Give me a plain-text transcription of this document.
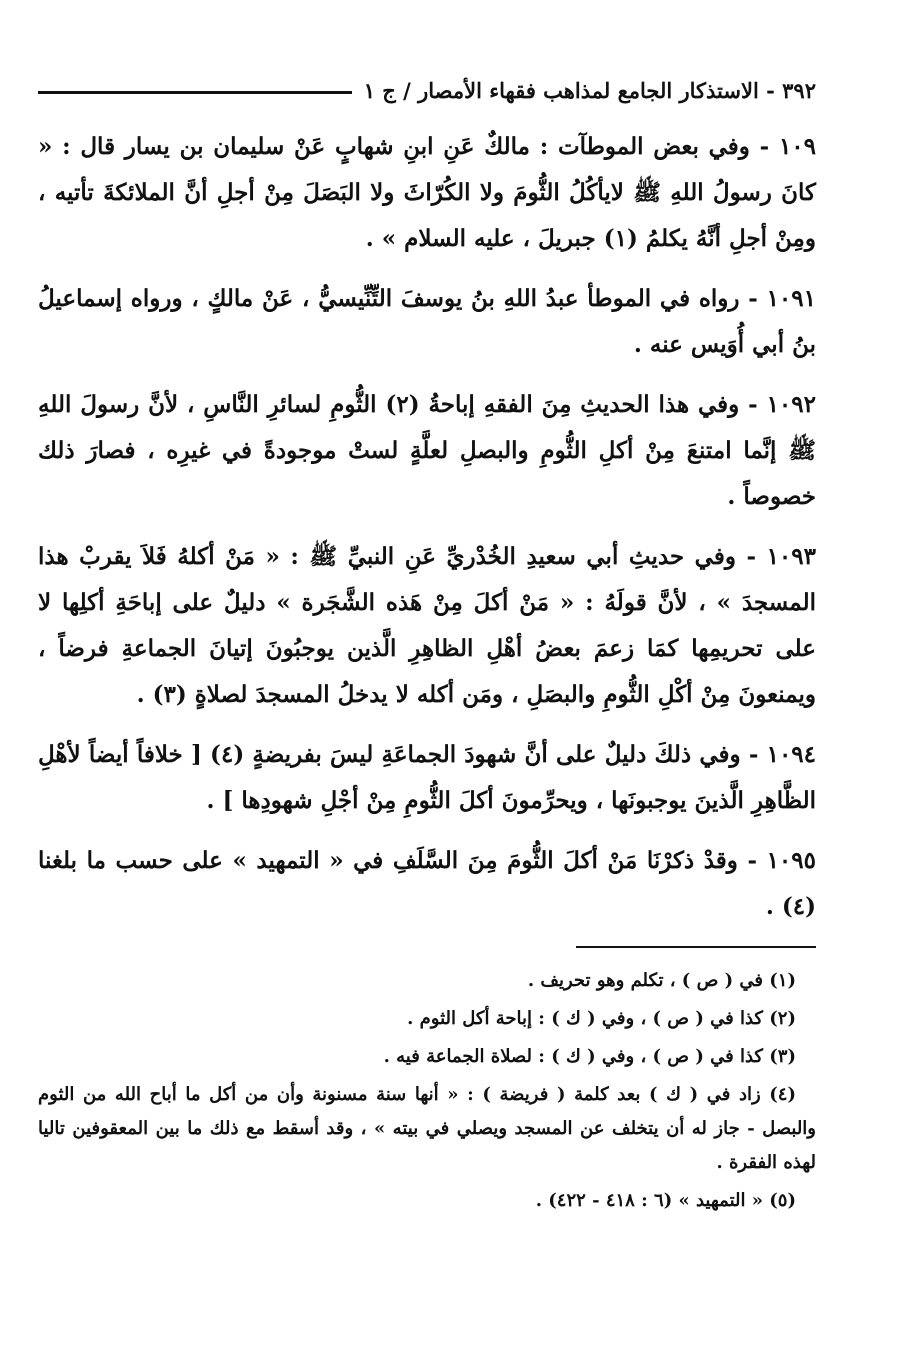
٣٩٢ - الاستذكار الجامع لمذاهب فقهاء الأمصار / ج ١

١٠٩ - وفي بعض الموطآت : مالكٌ عَنِ ابنِ شهابٍ عَنْ سليمان بن يسار قال : « كانَ رسولُ اللهِ ﷺ لايأكُلُ الثُّومَ ولا الكُرّاثَ ولا البَصَلَ مِنْ أجلِ أنَّ الملائكةَ تأتيه ، ومِنْ أجلِ أنَّهُ يكلمُ (١) جبريلَ ، عليه السلام » .

١٠٩١ - رواه في الموطأ عبدُ اللهِ بنُ يوسفَ التِّنِّيسيُّ ، عَنْ مالكٍ ، ورواه إسماعيلُ بنُ أبي أُوَيس عنه .

١٠٩٢ - وفي هذا الحديثِ مِنَ الفقهِ إباحةُ (٢) الثُّومِ لسائرِ النَّاسِ ، لأنَّ رسولَ اللهِ ﷺ إنَّما امتنعَ مِنْ أكلِ الثُّومِ والبصلِ لعلَّةٍ لستْ موجودةً في غيرِه ، فصارَ ذلك خصوصاً .

١٠٩٣ - وفي حديثِ أبي سعيدِ الخُدْريِّ عَنِ النبيِّ ﷺ : « مَنْ أكلهُ فَلاَ يقربْ هذا المسجدَ » ، لأنَّ قولَهُ : « مَنْ أكلَ مِنْ هَذه الشَّجَرة » دليلٌ على إباحَةِ أكلِها لا على تحريمِها كمَا زعمَ بعضُ أهْلِ الظاهِرِ الَّذين يوجبُونَ إتيانَ الجماعةِ فرضاً ، ويمنعونَ مِنْ أكْلِ الثُّومِ والبصَلِ ، ومَن أكله لا يدخلُ المسجدَ لصلاةٍ (٣) .

١٠٩٤ - وفي ذلكَ دليلٌ على أنَّ شهودَ الجماعَةِ ليسَ بفريضةٍ (٤) [ خلافاً أيضاً لأهْلِ الظَّاهِرِ الَّذينَ يوجبونَها ، ويحرِّمونَ أكلَ الثُّومِ مِنْ أجْلِ شهودِها ] .

١٠٩٥ - وقدْ ذكرْنَا مَنْ أكلَ الثُّومَ مِنَ السَّلَفِ في « التمهيد » على حسب ما بلغنا (٤) .

(١) في ( ص ) ، تكلم وهو تحريف .

(٢) كذا في ( ص ) ، وفي ( ك ) : إباحة أكل الثوم .

(٣) كذا في ( ص ) ، وفي ( ك ) : لصلاة الجماعة فيه .

(٤) زاد في ( ك ) بعد كلمة ( فريضة ) : « أنها سنة مسنونة وأن من أكل ما أباح الله من الثوم والبصل - جاز له أن يتخلف عن المسجد ويصلي في بيته » ، وقد أسقط مع ذلك ما بين المعقوفين تاليا لهذه الفقرة .

(٥) « التمهيد » (٦ : ٤١٨ - ٤٢٢) .
